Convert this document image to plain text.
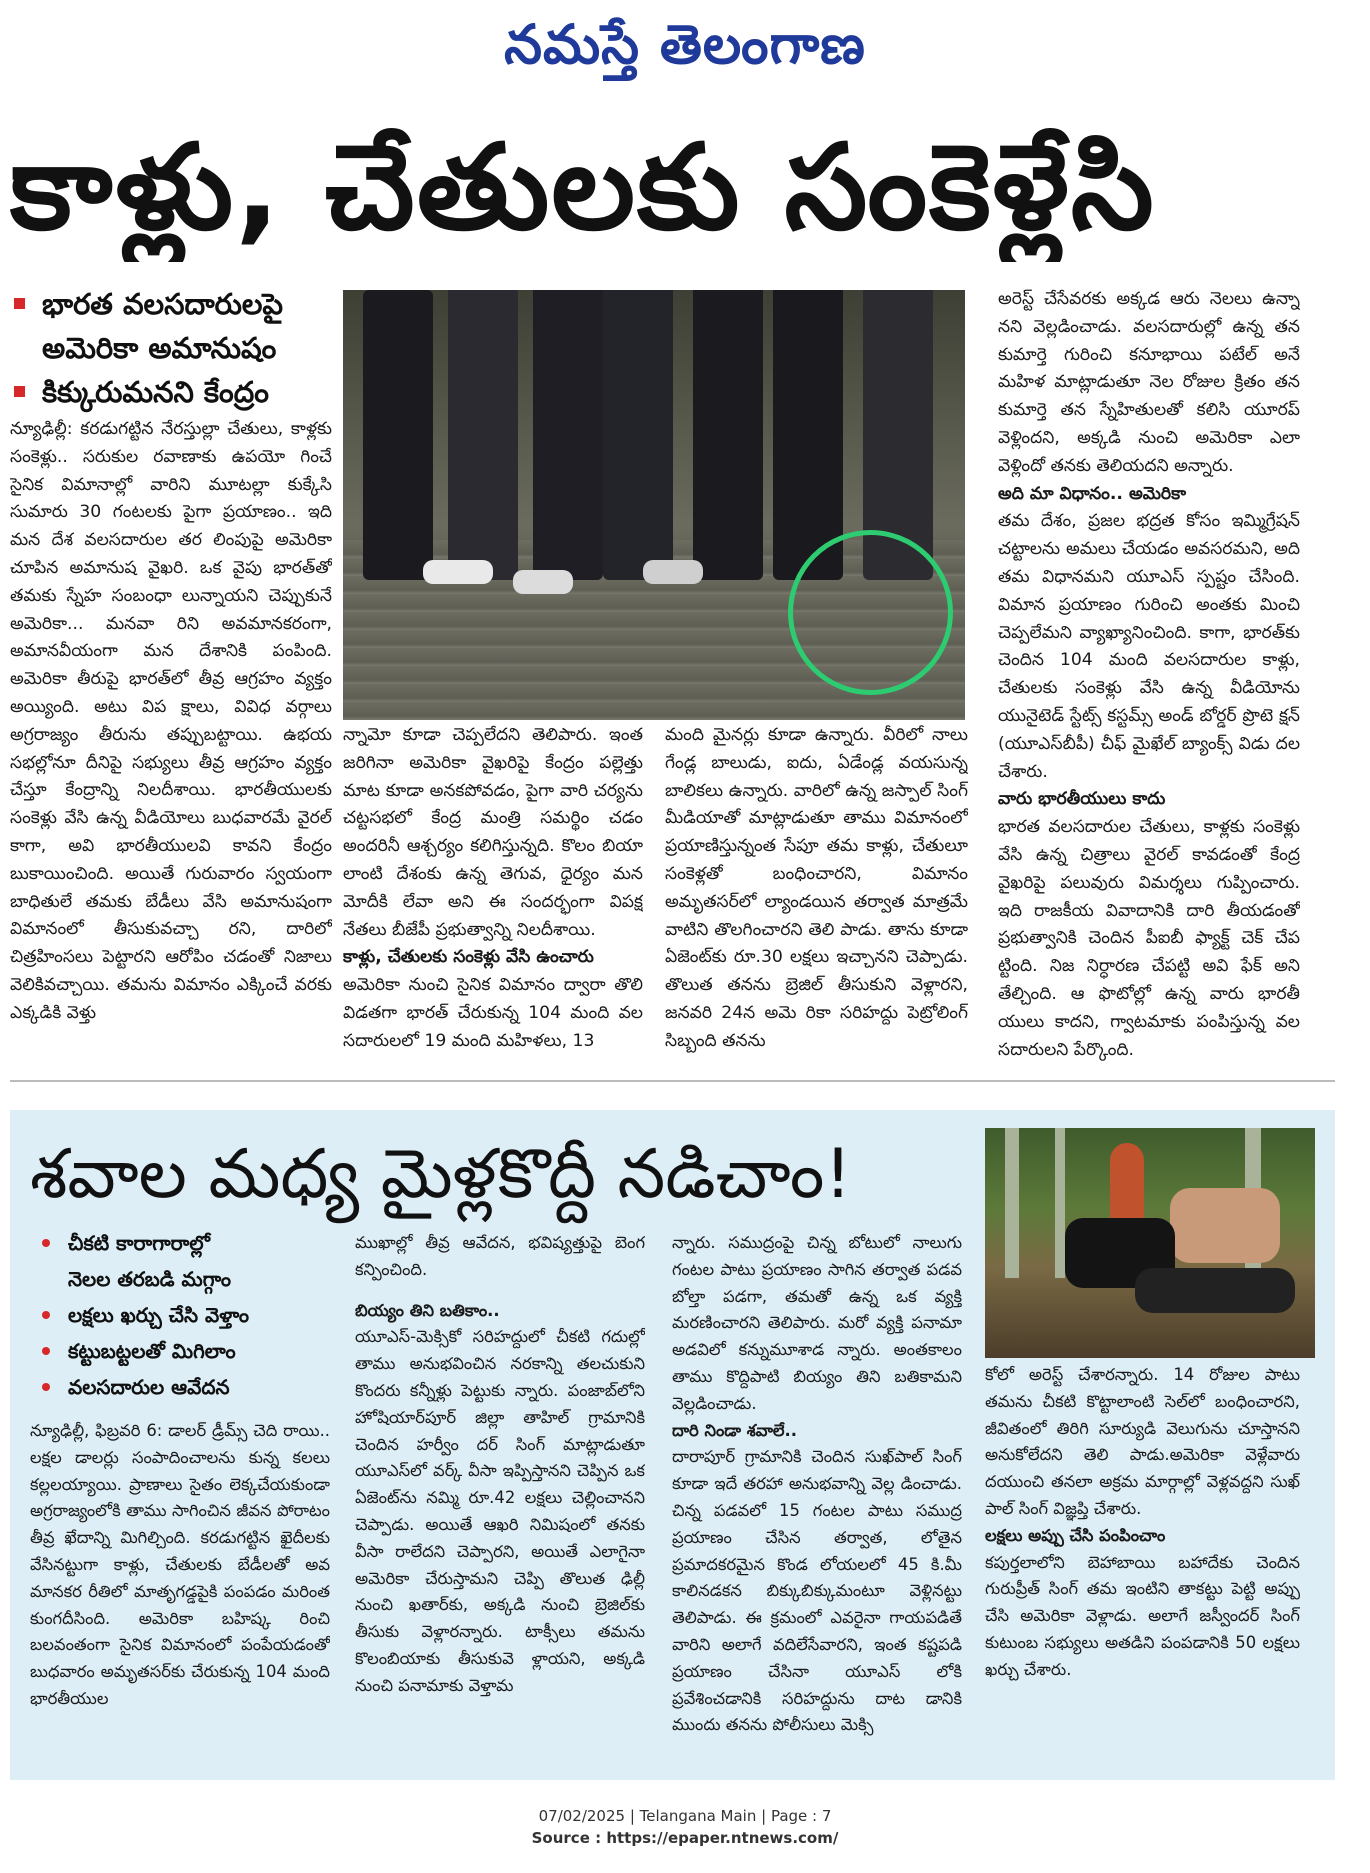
నమస్తే తెలంగాణ
కాళ్లు, చేతులకు సంకెళ్లేసి
భారత వలసదారులపై
అమెరికా అమానుషం
కిక్కురుమనని కేంద్రం

న్యూఢిల్లీ: కరడుగట్టిన నేరస్తుల్లా చేతులు, కాళ్లకు సంకెళ్లు.. సరుకుల రవాణాకు ఉపయో గించే సైనిక విమానాల్లో వారిని మూటల్లా కుక్కేసి సుమారు 30 గంటలకు పైగా ప్రయాణం.. ఇది మన దేశ వలసదారుల తర లింపుపై అమెరికా చూపిన అమానుష వైఖరి. ఒక వైపు భారత్‌తో తమకు స్నేహ సంబంధా లున్నాయని చెప్పుకునే అమెరికా... మనవా రిని అవమానకరంగా, అమానవీయంగా మన దేశానికి పంపింది. అమెరికా తీరుపై భారత్‌లో తీవ్ర ఆగ్రహం వ్యక్తం అయ్యింది. అటు విప క్షాలు, వివిధ వర్గాలు అగ్రరాజ్యం తీరును తప్పుబట్టాయి. ఉభయ సభల్లోనూ దీనిపై సభ్యులు తీవ్ర ఆగ్రహం వ్యక్తం చేస్తూ కేంద్రాన్ని నిలదీశాయి. భారతీయులకు సంకెళ్లు వేసి ఉన్న వీడియోలు బుధవారమే వైరల్ కాగా, అవి భారతీయులవి కావని కేంద్రం బుకాయించింది. అయితే గురువారం స్వయంగా బాధితులే తమకు బేడీలు వేసి అమానుషంగా విమానంలో తీసుకువచ్చా రని, దారిలో చిత్రహింసలు పెట్టారని ఆరోపిం చడంతో నిజాలు వెలికివచ్చాయి. తమను విమానం ఎక్కించే వరకు ఎక్కడికి వెళ్తు

న్నామో కూడా చెప్పలేదని తెలిపారు. ఇంత జరిగినా అమెరికా వైఖరిపై కేంద్రం పల్లెత్తు మాట కూడా అనకపోవడం, పైగా వారి చర్యను చట్టసభలో కేంద్ర మంత్రి సమర్థిం చడం అందరినీ ఆశ్చర్యం కలిగిస్తున్నది. కొలం బియా లాంటి దేశంకు ఉన్న తెగువ, ధైర్యం మన మోదీకి లేవా అని ఈ సందర్భంగా విపక్ష నేతలు బీజేపీ ప్రభుత్వాన్ని నిలదీశాయి.

కాళ్లు, చేతులకు సంకెళ్లు వేసి ఉంచారు

అమెరికా నుంచి సైనిక విమానం ద్వారా తొలి విడతగా భారత్ చేరుకున్న 104 మంది వల సదారులలో 19 మంది మహిళలు, 13

మంది మైనర్లు కూడా ఉన్నారు. వీరిలో నాలు గేండ్ల బాలుడు, ఐదు, ఏడేండ్ల వయసున్న బాలికలు ఉన్నారు. వారిలో ఉన్న జస్పాల్ సింగ్ మీడియాతో మాట్లాడుతూ తాము విమానంలో ప్రయాణిస్తున్నంత సేపూ తమ కాళ్లు, చేతులూ సంకెళ్లతో బంధించారని, విమానం అమృతసర్‌లో ల్యాండయిన తర్వాత మాత్రమే వాటిని తొలగించారని తెలి పాడు. తాను కూడా ఏజెంట్‌కు రూ.30 లక్షలు ఇచ్చానని చెప్పాడు. తొలుత తనను బ్రెజిల్ తీసుకుని వెళ్లారని, జనవరి 24న అమె రికా సరిహద్దు పెట్రోలింగ్ సిబ్బంది తనను

అరెస్ట్ చేసేవరకు అక్కడ ఆరు నెలలు ఉన్నా నని వెల్లడించాడు. వలసదారుల్లో ఉన్న తన కుమార్తె గురించి కనూభాయి పటేల్ అనే మహిళ మాట్లాడుతూ నెల రోజుల క్రితం తన కుమార్తె తన స్నేహితులతో కలిసి యూరప్ వెళ్లిందని, అక్కడి నుంచి అమెరికా ఎలా వెళ్లిందో తనకు తెలియదని అన్నారు.

అది మా విధానం.. అమెరికా

తమ దేశం, ప్రజల భద్రత కోసం ఇమ్మిగ్రేషన్ చట్టాలను అమలు చేయడం అవసరమని, అది తమ విధానమని యూఎస్ స్పష్టం చేసింది. విమాన ప్రయాణం గురించి అంతకు మించి చెప్పలేమని వ్యాఖ్యానించింది. కాగా, భారత్‌కు చెందిన 104 మంది వలసదారుల కాళ్లు, చేతులకు సంకెళ్లు వేసి ఉన్న వీడియోను యునైటెడ్ స్టేట్స్ కస్టమ్స్ అండ్ బోర్డర్ ప్రొటె క్షన్ (యూఎస్‌బీపీ) చీఫ్ మైఖేల్ బ్యాంక్స్ విడు దల చేశారు.

వారు భారతీయులు కాదు

భారత వలసదారుల చేతులు, కాళ్లకు సంకెళ్లు వేసి ఉన్న చిత్రాలు వైరల్ కావడంతో కేంద్ర వైఖరిపై పలువురు విమర్శలు గుప్పించారు. ఇది రాజకీయ వివాదానికి దారి తీయడంతో ప్రభుత్వానికి చెందిన పీఐబీ ఫ్యాక్ట్ చెక్ చేప ట్టింది. నిజ నిర్ధారణ చేపట్టి అవి ఫేక్ అని తేల్చింది. ఆ ఫొటోల్లో ఉన్న వారు భారతీ యులు కాదని, గ్వాటమాకు పంపిస్తున్న వల సదారులని పేర్కొంది.

శవాల మధ్య మైళ్లకొద్దీ నడిచాం!
చీకటి కారాగారాల్లో
నెలల తరబడి మగ్గాం
లక్షలు ఖర్చు చేసి వెళ్తాం
కట్టుబట్టలతో మిగిలాం
వలసదారుల ఆవేదన

న్యూఢిల్లీ, ఫిబ్రవరి 6: డాలర్ డ్రీమ్స్ చెది రాయి.. లక్షల డాలర్లు సంపాదించాలను కున్న కలలు కల్లలయ్యాయి. ప్రాణాలు సైతం లెక్కచేయకుండా అగ్రరాజ్యంలోకి తాము సాగించిన జీవన పోరాటం తీవ్ర ఖేదాన్ని మిగిల్చింది. కరడుగట్టిన ఖైదీలకు వేసినట్టుగా కాళ్లు, చేతులకు బేడీలతో అవ మానకర రీతిలో మాతృగడ్డపైకి పంపడం మరింత కుంగదీసింది. అమెరికా బహిష్క రించి బలవంతంగా సైనిక విమానంలో పంపేయడంతో బుధవారం అమృతసర్‌కు చేరుకున్న 104 మంది భారతీయుల

ముఖాల్లో తీవ్ర ఆవేదన, భవిష్యత్తుపై బెంగ కన్పించింది.

బియ్యం తిని బతికాం..

యూఎస్-మెక్సికో సరిహద్దులో చీకటి గదుల్లో తాము అనుభవించిన నరకాన్ని తలచుకుని కొందరు కన్నీళ్లు పెట్టుకు న్నారు. పంజాబ్‌లోని హోషియార్‌పూర్ జిల్లా తాహిల్ గ్రామానికి చెందిన హర్వీం దర్ సింగ్ మాట్లాడుతూ యూఎస్‌లో వర్క్ వీసా ఇప్పిస్తానని చెప్పిన ఒక ఏజెంట్‌ను నమ్మి రూ.42 లక్షలు చెల్లించానని చెప్పాడు. అయితే ఆఖరి నిమిషంలో తనకు వీసా రాలేదని చెప్పారని, అయితే ఎలాగైనా అమెరికా చేరుస్తామని చెప్పి తొలుత ఢిల్లీ నుంచి ఖతార్‌కు, అక్కడి నుంచి బ్రెజిల్‌కు తీసుకు వెళ్లారన్నారు. టాక్సీలు తమను కొలంబియాకు తీసుకువె ళ్లాయని, అక్కడి నుంచి పనామాకు వెళ్తామ

న్నారు. సముద్రంపై చిన్న బోటులో నాలుగు గంటల పాటు ప్రయాణం సాగిన తర్వాత పడవ బోల్తా పడగా, తమతో ఉన్న ఒక వ్యక్తి మరణించారని తెలిపారు. మరో వ్యక్తి పనామా అడవిలో కన్నుమూశాడ న్నారు. అంతకాలం తాము కొద్దిపాటి బియ్యం తిని బతికామని వెల్లడించాడు.

దారి నిండా శవాలే..

దారాపూర్ గ్రామానికి చెందిన సుఖ్‌పాల్ సింగ్ కూడా ఇదే తరహా అనుభవాన్ని వెల్ల డించాడు. చిన్న పడవలో 15 గంటల పాటు సముద్ర ప్రయాణం చేసిన తర్వాత, లోతైన ప్రమాదకరమైన కొండ లోయలలో 45 కి.మీ కాలినడకన బిక్కుబిక్కుమంటూ వెళ్లినట్టు తెలిపాడు. ఈ క్రమంలో ఎవరైనా గాయపడితే వారిని అలాగే వదిలేసేవారని, ఇంత కష్టపడి ప్రయాణం చేసినా యూఎస్ లోకి ప్రవేశించడానికి సరిహద్దును దాట డానికి ముందు తనను పోలీసులు మెక్సి

కోలో అరెస్ట్ చేశారన్నారు. 14 రోజుల పాటు తమను చీకటి కొట్టాలాంటి సెల్‌లో బంధించారని, జీవితంలో తిరిగి సూర్యుడి వెలుగును చూస్తానని అనుకోలేదని తెలి పాడు.అమెరికా వెళ్లేవారు దయుంచి తనలా అక్రమ మార్గాల్లో వెళ్లవద్దని సుఖ్ పాల్ సింగ్ విజ్ఞప్తి చేశారు.

లక్షలు అప్పు చేసి పంపించాం

కపుర్తలాలోని బెహాబాయి బహాదేకు చెందిన గురుప్రీత్ సింగ్ తమ ఇంటిని తాకట్టు పెట్టి అప్పు చేసి అమెరికా వెళ్లాడు. అలాగే జస్వీందర్ సింగ్ కుటుంబ సభ్యులు అతడిని పంపడానికి 50 లక్షలు ఖర్చు చేశారు.

07/02/2025 | Telangana Main | Page : 7
Source : https://epaper.ntnews.com/
